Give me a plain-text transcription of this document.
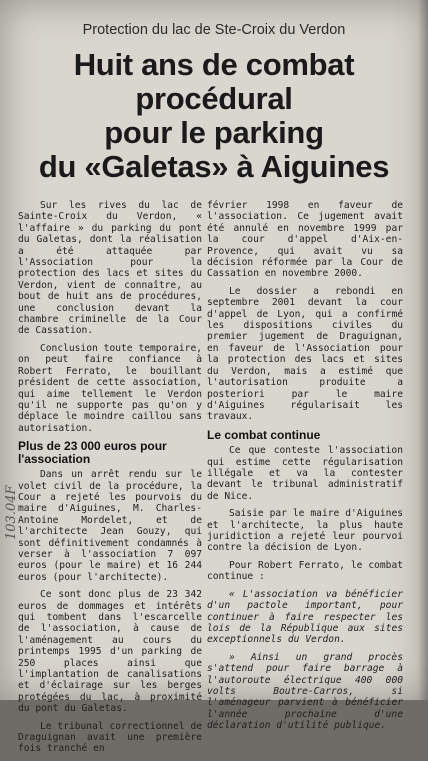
Protection du lac de Ste-Croix du Verdon
Huit ans de combat
procédural
pour le parking
du «Galetas» à Aiguines

Sur les rives du lac de Sainte-Croix du Verdon, « l'affaire » du parking du pont du Galetas, dont la réalisation a été attaquée par l'Association pour la protection des lacs et sites du Verdon, vient de connaître, au bout de huit ans de procédures, une conclusion devant la chambre criminelle de la Cour de Cassation.

Conclusion toute temporaire, on peut faire confiance à Robert Ferrato, le bouillant président de cette association, qui aime tellement le Verdon qu'il ne supporte pas qu'on y déplace le moindre caillou sans autorisation.

Plus de 23 000 euros pour l'association

Dans un arrêt rendu sur le volet civil de la procédure, la Cour a rejeté les pourvois du maire d'Aiguines, M. Charles-Antoine Mordelet, et de l'architecte Jean Gouzy, qui sont définitivement condamnés à verser à l'association 7 097 euros (pour le maire) et 16 244 euros (pour l'architecte).

Ce sont donc plus de 23 342 euros de dommages et intérêts qui tombent dans l'escarcelle de l'association, à cause de l'aménagement au cours du printemps 1995 d'un parking de 250 places ainsi que l'implantation de canalisations et d'éclairage sur les berges protégées du lac, à proximité du pont du Galetas.

Le tribunal correctionnel de Draguignan avait une première fois tranché en

février 1998 en faveur de l'association. Ce jugement avait été annulé en novembre 1999 par la cour d'appel d'Aix-en-Provence, qui avait vu sa décision réformée par la Cour de Cassation en novembre 2000.

Le dossier a rebondi en septembre 2001 devant la cour d'appel de Lyon, qui a confirmé les dispositions civiles du premier jugement de Draguignan, en faveur de l'Association pour la protection des lacs et sites du Verdon, mais a estimé que l'autorisation produite a posteriori par le maire d'Aiguines régularisait les travaux.

Le combat continue

Ce que conteste l'association qui estime cette régularisation illégale et va la contester devant le tribunal administratif de Nice.

Saisie par le maire d'Aiguines et l'architecte, la plus haute juridiction a rejeté leur pourvoi contre la décision de Lyon.

Pour Robert Ferrato, le combat continue :

« L'association va bénéficier d'un pactole important, pour continuer à faire respecter les lois de la République aux sites exceptionnels du Verdon.

» Ainsi un grand procès s'attend pour faire barrage à l'autoroute électrique 400 000 volts Boutre-Carros, si l'aménageur parvient à bénéficier l'année prochaine d'une déclaration d'utilité publique.

103.04F
